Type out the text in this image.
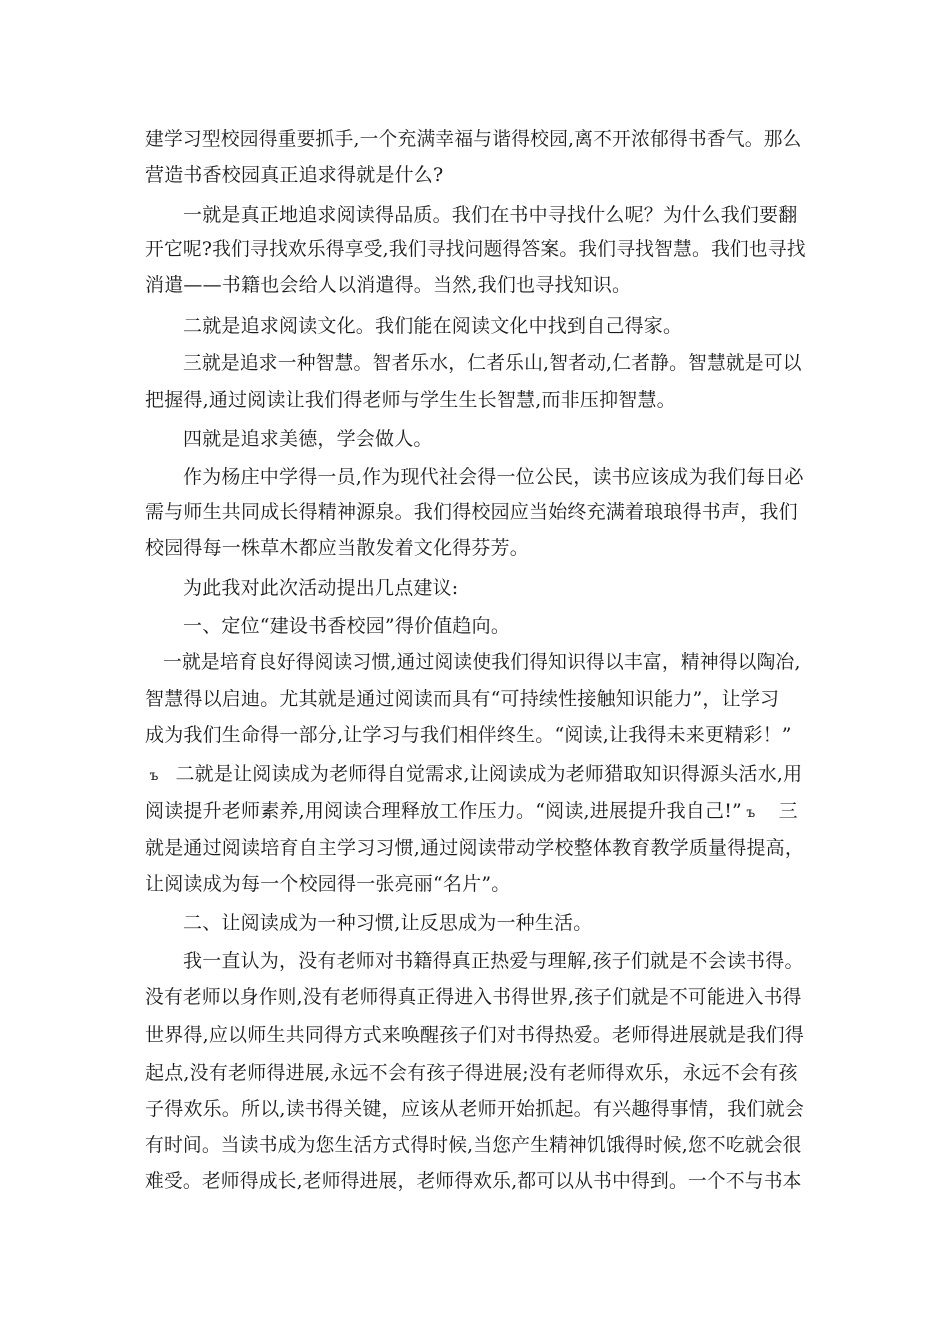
建学习型校园得重要抓手,一个充满幸福与谐得校园,离不开浓郁得书香气。那么
营造书香校园真正追求得就是什么?
一就是真正地追求阅读得品质。我们在书中寻找什么呢？为什么我们要翻
开它呢?我们寻找欢乐得享受,我们寻找问题得答案。我们寻找智慧。我们也寻找
消遣——书籍也会给人以消遣得。当然,我们也寻找知识。
二就是追求阅读文化。我们能在阅读文化中找到自己得家。
三就是追求一种智慧。智者乐水，仁者乐山,智者动,仁者静。智慧就是可以
把握得,通过阅读让我们得老师与学生生长智慧,而非压抑智慧。
四就是追求美德，学会做人。
作为杨庄中学得一员,作为现代社会得一位公民，读书应该成为我们每日必
需与师生共同成长得精神源泉。我们得校园应当始终充满着琅琅得书声，我们
校园得每一株草木都应当散发着文化得芬芳。
为此我对此次活动提出几点建议:
一、定位“建设书香校园”得价值趋向。
一就是培育良好得阅读习惯,通过阅读使我们得知识得以丰富，精神得以陶冶,
智慧得以启迪。尤其就是通过阅读而具有“可持续性接触知识能力”，让学习
成为我们生命得一部分,让学习与我们相伴终生。“阅读,让我得未来更精彩！”
ъ 二就是让阅读成为老师得自觉需求,让阅读成为老师猎取知识得源头活水,用
阅读提升老师素养,用阅读合理释放工作压力。“阅读,进展提升我自己!” ъ 三
就是通过阅读培育自主学习习惯,通过阅读带动学校整体教育教学质量得提高，
让阅读成为每一个校园得一张亮丽“名片”。
二、让阅读成为一种习惯,让反思成为一种生活。
我一直认为，没有老师对书籍得真正热爱与理解,孩子们就是不会读书得。
没有老师以身作则,没有老师得真正得进入书得世界,孩子们就是不可能进入书得
世界得,应以师生共同得方式来唤醒孩子们对书得热爱。老师得进展就是我们得
起点,没有老师得进展,永远不会有孩子得进展;没有老师得欢乐，永远不会有孩
子得欢乐。所以,读书得关键，应该从老师开始抓起。有兴趣得事情，我们就会
有时间。当读书成为您生活方式得时候,当您产生精神饥饿得时候,您不吃就会很
难受。老师得成长,老师得进展，老师得欢乐,都可以从书中得到。一个不与书本
